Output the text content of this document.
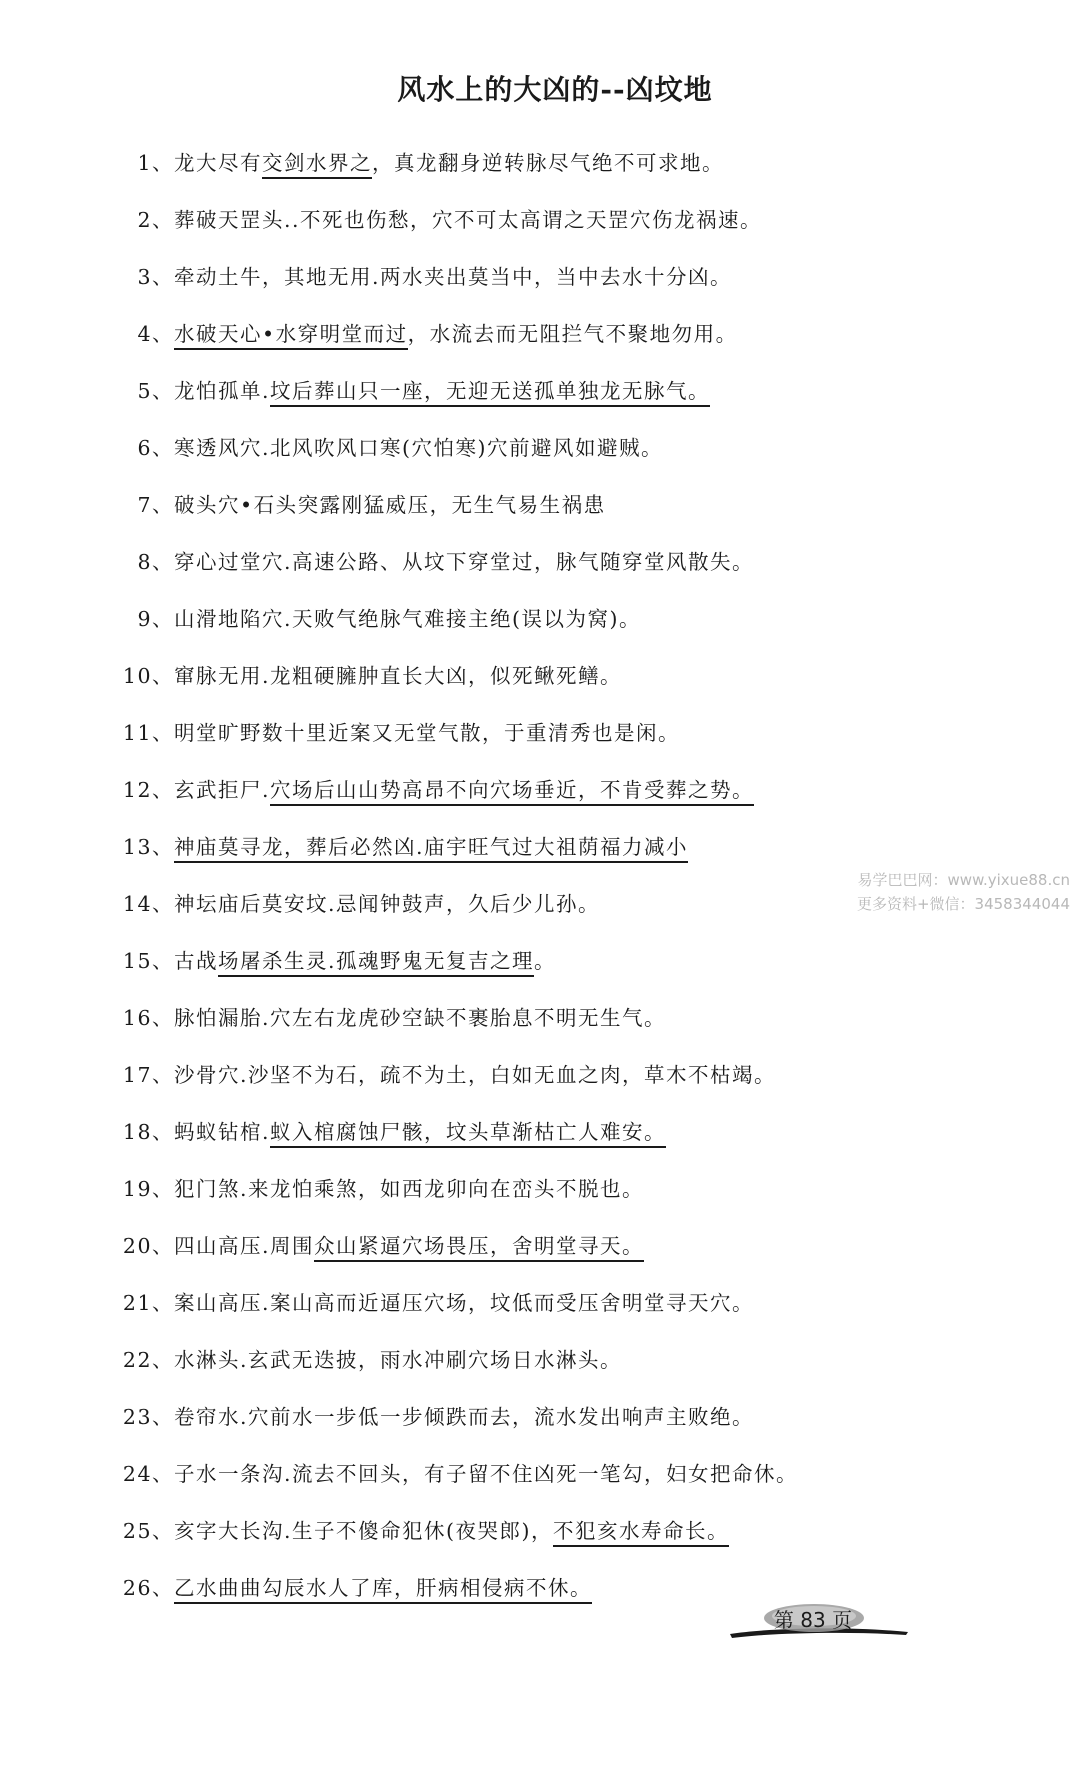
风水上的大凶的--凶坟地
1、龙大尽有交剑水界之，真龙翻身逆转脉尽气绝不可求地。
2、葬破天罡头..不死也伤愁，穴不可太高谓之天罡穴伤龙祸速。
3、牵动土牛，其地无用.两水夹出莫当中，当中去水十分凶。
4、水破天心•水穿明堂而过，水流去而无阻拦气不聚地勿用。
5、龙怕孤单.坟后葬山只一座，无迎无送孤单独龙无脉气。
6、寒透风穴.北风吹风口寒(穴怕寒)穴前避风如避贼。
7、破头穴•石头突露刚猛威压，无生气易生祸患
8、穿心过堂穴.高速公路、从坟下穿堂过，脉气随穿堂风散失。
9、山滑地陷穴.天败气绝脉气难接主绝(误以为窝)。
10、窜脉无用.龙粗硬臃肿直长大凶，似死鳅死鳝。
11、明堂旷野数十里近案又无堂气散，于重清秀也是闲。
12、玄武拒尸.穴场后山山势高昂不向穴场垂近，不肯受葬之势。
13、神庙莫寻龙，葬后必然凶.庙宇旺气过大祖荫福力减小
14、神坛庙后莫安坟.忌闻钟鼓声，久后少儿孙。
15、古战场屠杀生灵.孤魂野鬼无复吉之理。
16、脉怕漏胎.穴左右龙虎砂空缺不裹胎息不明无生气。
17、沙骨穴.沙坚不为石，疏不为土，白如无血之肉，草木不枯竭。
18、蚂蚁钻棺.蚁入棺腐蚀尸骸，坟头草渐枯亡人难安。
19、犯门煞.来龙怕乘煞，如西龙卯向在峦头不脱也。
20、四山高压.周围众山紧逼穴场畏压，舍明堂寻天。
21、案山高压.案山高而近逼压穴场，坟低而受压舍明堂寻天穴。
22、水淋头.玄武无迭披，雨水冲刷穴场日水淋头。
23、卷帘水.穴前水一步低一步倾跌而去，流水发出响声主败绝。
24、子水一条沟.流去不回头，有子留不住凶死一笔勾，妇女把命休。
25、亥字大长沟.生子不傻命犯休(夜哭郎)，不犯亥水寿命长。
26、乙水曲曲勾辰水人了库，肝病相侵病不休。
易学巴巴网：www.yixue88.cn
更多资料+微信：3458344044
第 83 页
